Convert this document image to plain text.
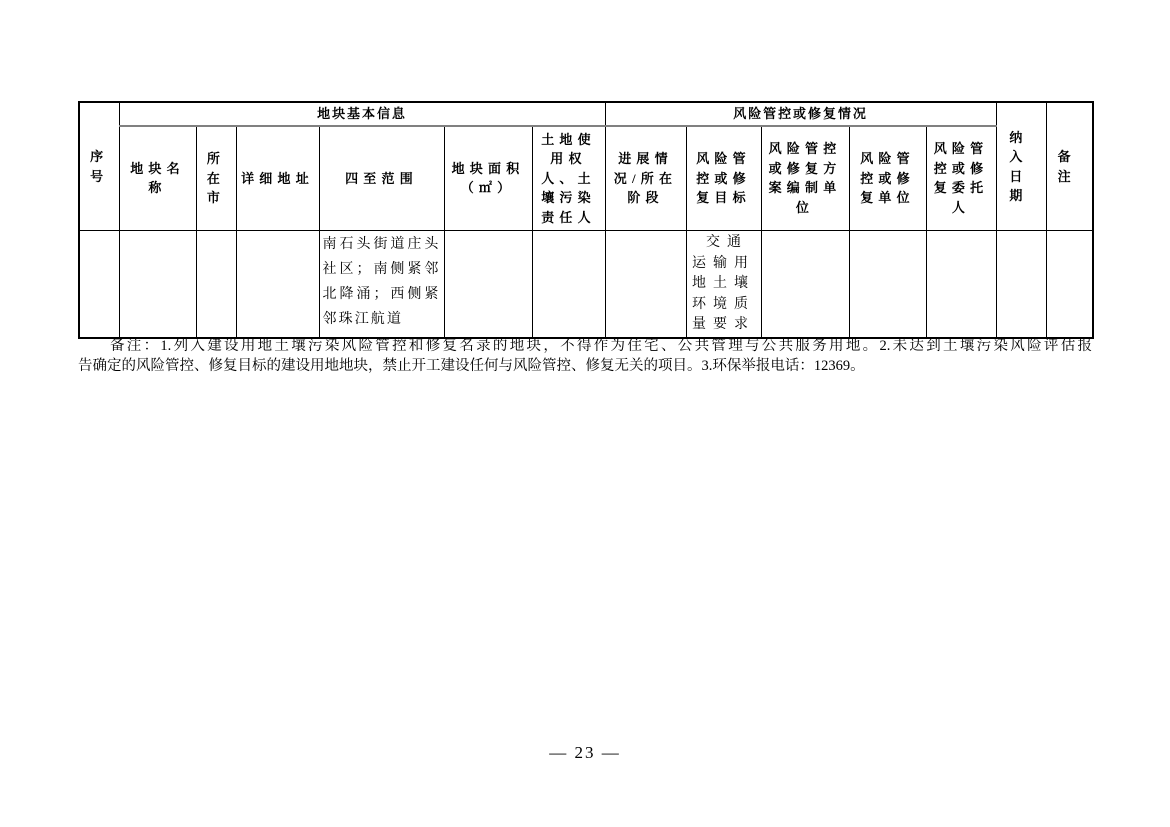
序号	地块基本信息						风险管控或修复情况					纳入日期	备注
	地块名称	所在市	详细地址	四至范围	地块面积（㎡）	土地使用权人、土壤污染责任人	进展情况/所在阶段	风险管控或修复目标	风险管控或修复方案编制单位	风险管控或修复单位	风险管控或修复委托人		
				南石头街道庄头社区；南侧紧邻北降涌；西侧紧邻珠江航道				交通运输用地土壤环境质量要求					
备注：1.列入建设用地土壤污染风险管控和修复名录的地块，不得作为住宅、公共管理与公共服务用地。2.未达到土壤污染风险评估报
告确定的风险管控、修复目标的建设用地地块，禁止开工建设任何与风险管控、修复无关的项目。3.环保举报电话：12369。
— 23 —
